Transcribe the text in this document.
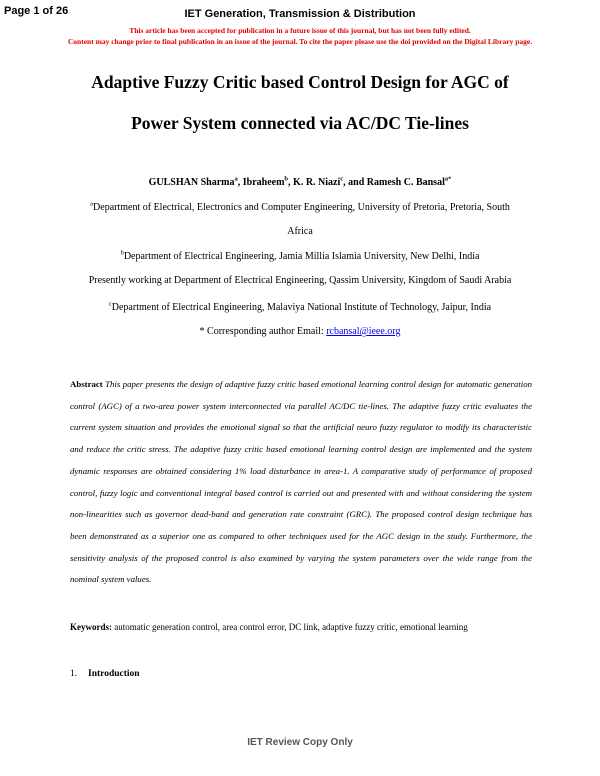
Page 1 of 26	IET Generation, Transmission & Distribution
This article has been accepted for publication in a future issue of this journal, but has not been fully edited.
Content may change prior to final publication in an issue of the journal. To cite the paper please use the doi provided on the Digital Library page.
Adaptive Fuzzy Critic based Control Design for AGC of
Power System connected via AC/DC Tie-lines
GULSHAN Sharma$^a$, Ibraheem$^b$, K. R. Niazi$^c$, and Ramesh C. Bansal$^{a*}$
$^a$Department of Electrical, Electronics and Computer Engineering, University of Pretoria, Pretoria, South
Africa
$^b$Department of Electrical Engineering, Jamia Millia Islamia University, New Delhi, India
Presently working at Department of Electrical Engineering, Qassim University, Kingdom of Saudi Arabia
$^c$Department of Electrical Engineering, Malaviya National Institute of Technology, Jaipur, India
* Corresponding author Email: rcbansal@ieee.org
Abstract This paper presents the design of adaptive fuzzy critic based emotional learning control design for automatic generation control (AGC) of a two-area power system interconnected via parallel AC/DC tie-lines. The adaptive fuzzy critic evaluates the current system situation and provides the emotional signal so that the artificial neuro fuzzy regulator to modify its characteristic and reduce the critic stress. The adaptive fuzzy critic based emotional learning control design are implemented and the system dynamic responses are obtained considering 1% load disturbance in area-1. A comparative study of performance of proposed control, fuzzy logic and conventional integral based control is carried out and presented with and without considering the system non-linearities such as governor dead-band and generation rate constraint (GRC). The proposed control design technique has been demonstrated as a superior one as compared to other techniques used for the AGC design in the study. Furthermore, the sensitivity analysis of the proposed control is also examined by varying the system parameters over the wide range from the nominal system values.
Keywords: automatic generation control, area control error, DC link, adaptive fuzzy critic, emotional learning
1. Introduction
IET Review Copy Only
